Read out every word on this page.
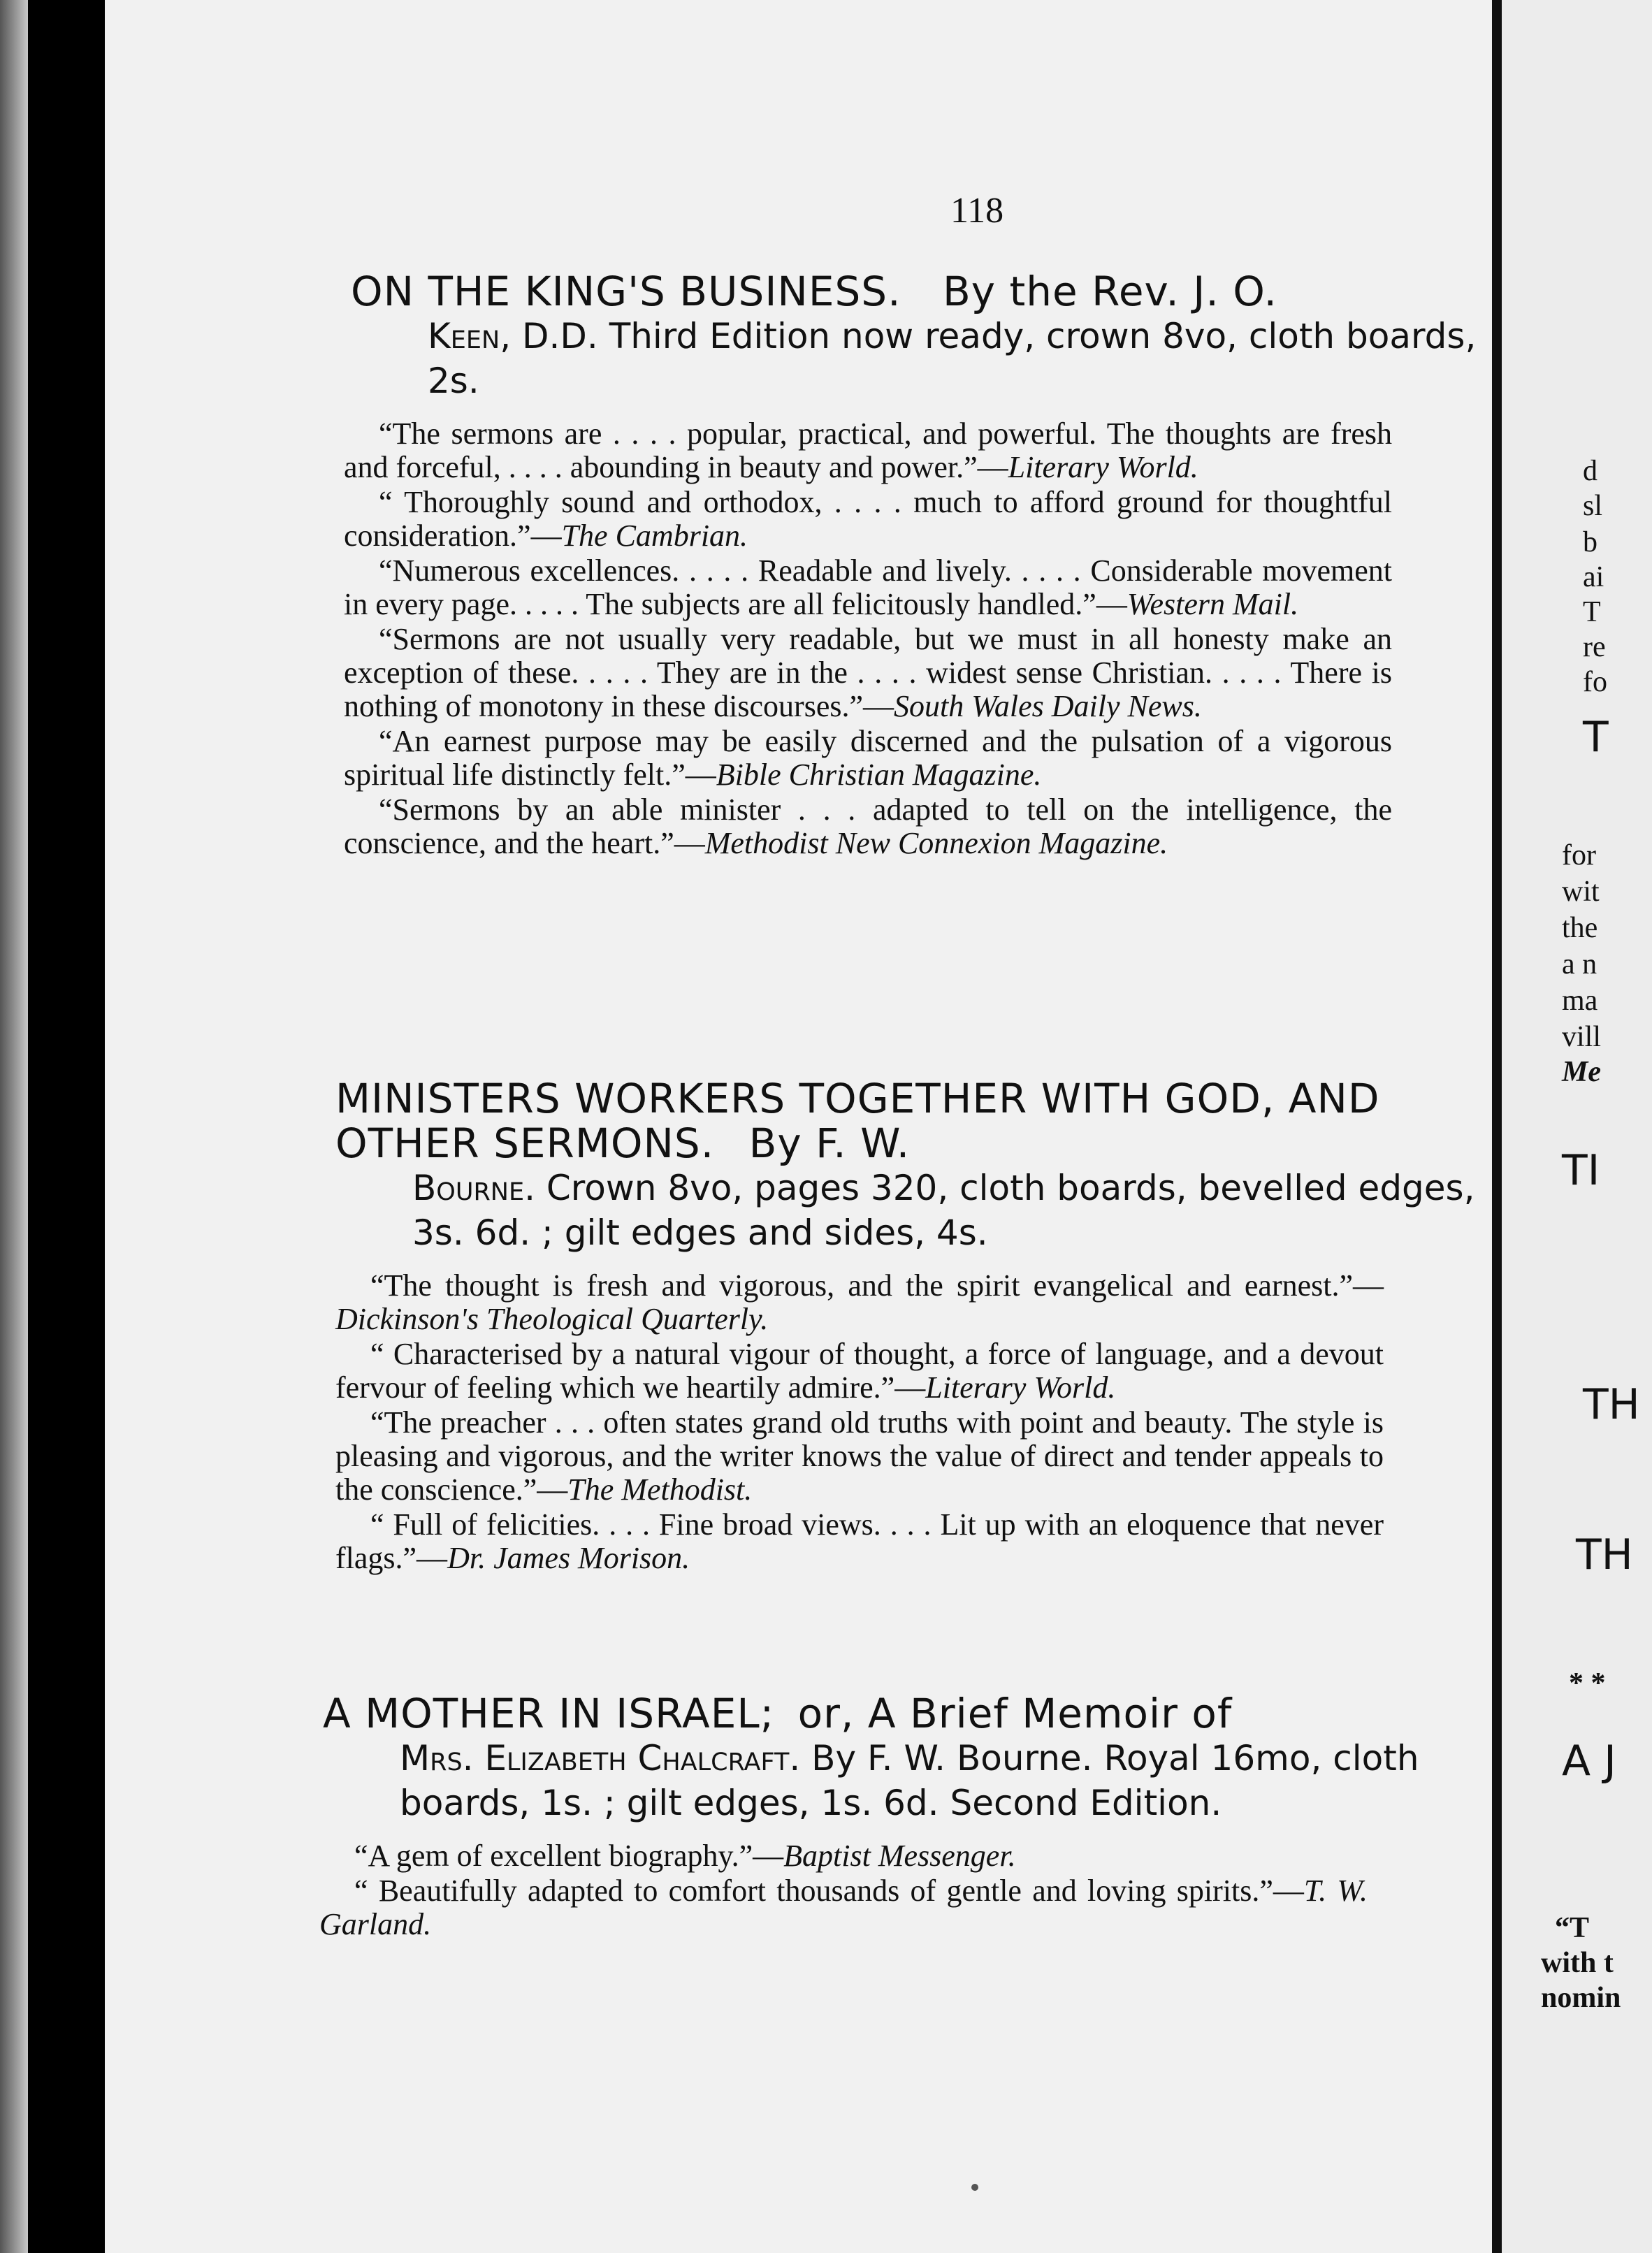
118
ON THE KING'S BUSINESS. By the Rev. J. O.
Keen, D.D. Third Edition now ready, crown 8vo, cloth boards, 2s.

“The sermons are . . . . popular, practical, and powerful. The thoughts are fresh and forceful, . . . . abounding in beauty and power.”—Literary World.

“ Thoroughly sound and orthodox, . . . . much to afford ground for thoughtful consideration.”—The Cambrian.

“Numerous excellences. . . . . Readable and lively. . . . . Considerable movement in every page. . . . . The subjects are all felicitously handled.”—Western Mail.

“Sermons are not usually very readable, but we must in all honesty make an exception of these. . . . . They are in the . . . . widest sense Christian. . . . . There is nothing of monotony in these discourses.”—South Wales Daily News.

“An earnest purpose may be easily discerned and the pulsation of a vigorous spiritual life distinctly felt.”—Bible Christian Magazine.

“Sermons by an able minister . . . adapted to tell on the intelligence, the conscience, and the heart.”—Methodist New Connexion Magazine.

MINISTERS WORKERS TOGETHER WITH GOD, AND OTHER SERMONS. By F. W.
Bourne. Crown 8vo, pages 320, cloth boards, bevelled edges, 3s. 6d. ; gilt edges and sides, 4s.

“The thought is fresh and vigorous, and the spirit evangelical and earnest.”—Dickinson's Theological Quarterly.

“ Characterised by a natural vigour of thought, a force of language, and a devout fervour of feeling which we heartily admire.”—Literary World.

“The preacher . . . often states grand old truths with point and beauty. The style is pleasing and vigorous, and the writer knows the value of direct and tender appeals to the conscience.”—The Methodist.

“ Full of felicities. . . . Fine broad views. . . . Lit up with an eloquence that never flags.”—Dr. James Morison.

A MOTHER IN ISRAEL; or, A Brief Memoir of
Mrs. Elizabeth Chalcraft. By F. W. Bourne. Royal 16mo, cloth boards, 1s. ; gilt edges, 1s. 6d. Second Edition.

“A gem of excellent biography.”—Baptist Messenger.

“ Beautifully adapted to comfort thousands of gentle and loving spirits.”—T. W. Garland.

d
sl
b
ai
T
re
fo
T
for
wit
the
a n
ma
vill
Me
TI
TH
TH
* *
A J
“T
with t
nomin
